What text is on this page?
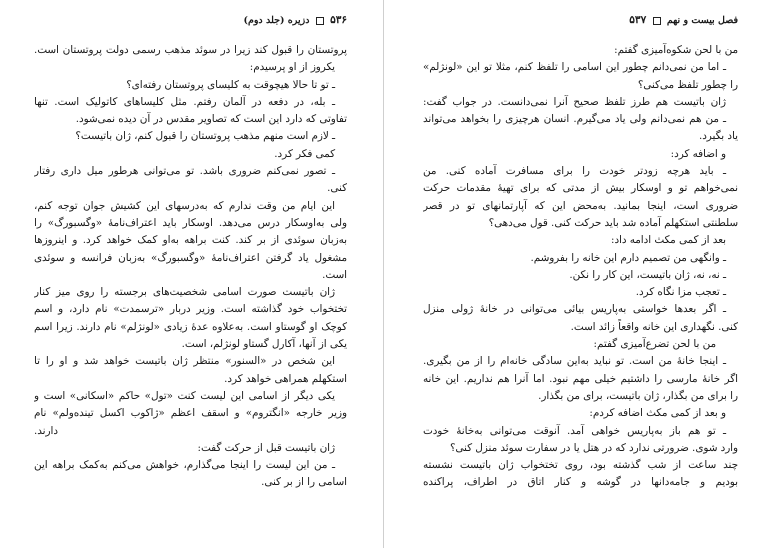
۵۳۶  دزیره (جلد دوم)
پروتستان را قبول کند زیرا در سوئد مذهب رسمی دولت پروتستان است.
یکروز از او پرسیدم:
ـ تو تا حالا هیچوقت به کلیسای پروتستان رفته‌ای؟
ـ بله، در دفعه در آلمان رفتم. مثل کلیساهای کاتولیک است. تنها
تفاوتی که دارد این است که تصاویر مقدس در آن دیده نمی‌شود.
ـ لازم است منهم مذهب پروتستان را قبول کنم، ژان باتیست؟
کمی فکر کرد.
ـ تصور نمی‌کنم ضروری باشد. تو می‌توانی هرطور میل داری رفتار
کنی.
این ایام من وقت ندارم که به‌درسهای این کشیش جوان توجه کنم،
ولی به‌اوسکار درس می‌دهد. اوسکار باید اعتراف‌نامهٔ «وگسبورگ» را
به‌زبان سوئدی از بر کند. کنت براهه به‌او کمک خواهد کرد. و اینروزها
مشغول یاد گرفتن اعتراف‌نامهٔ «وگسبورگ» به‌زبان فرانسه و سوئدی
است.
ژان باتیست صورت اسامی شخصیت‌های برجسته را روی میز کنار
تختخواب خود گذاشته است. وزیر دربار «ترسمدت» نام دارد، و اسم
کوچک او گوستاو است. به‌علاوه عدهٔ زیادی «لونژلم» نام دارند. زیرا اسم
یکی از آنها، آکارل گستاو لونژلم، است.
این شخص در «السنور» منتظر ژان باتیست خواهد شد و او را تا
استکهلم همراهی خواهد کرد.
یکی دیگر از اسامی این لیست کنت «تول» حاکم «اسکانی» است و
وزیر خارجه «انگتروم» و اسقف اعظم «ژاکوب اکسل تینده‌ولم» نام
دارند.
ژان باتیست قبل از حرکت گفت:
ـ من این لیست را اینجا می‌گذارم، خواهش می‌کنم به‌کمک براهه این
اسامی را از بر کنی.
فصل بیست و نهم  ۵۳۷
من با لحن شکوه‌آمیزی گفتم:
ـ اما من نمی‌دانم چطور این اسامی را تلفظ کنم، مثلا تو این «لونژلم»
را چطور تلفظ می‌کنی؟
ژان باتیست هم طرز تلفظ صحیح آنرا نمی‌دانست. در جواب گفت:
ـ من هم نمی‌دانم ولی یاد می‌گیرم. انسان هرچیزی را بخواهد می‌تواند
یاد بگیرد.
و اضافه کرد:
ـ باید هرچه زودتر خودت را برای مسافرت آماده کنی. من
نمی‌خواهم تو و اوسکار بیش از مدتی که برای تهیهٔ مقدمات حرکت
ضروری است، اینجا بمانید. به‌محض این که آپارتمانهای تو در قصر
سلطنتی استکهلم آماده شد باید حرکت کنی. قول می‌دهی؟
بعد از کمی مکث ادامه داد:
ـ وانگهی من تصمیم دارم این خانه را بفروشم.
ـ نه، نه، ژان باتیست، این کار را نکن.
ـ تعجب مزا نگاه کرد.
ـ اگر بعدها خواستی به‌پاریس بیائی می‌توانی در خانهٔ ژولی منزل
کنی. نگهداری این خانه واقعاً زائد است.
من با لحن تضرع‌آمیزی گفتم:
ـ اینجا خانهٔ من است. تو نباید به‌این سادگی خانه‌ام را از من بگیری.
اگر خانهٔ مارسی را داشتیم خیلی مهم نبود. اما آنرا هم نداریم. این خانه
را برای من بگذار، ژان باتیست، برای من بگذار.
و بعد از کمی مکث اضافه کردم:
ـ تو هم باز به‌پاریس خواهی آمد. آنوقت می‌توانی به‌خانهٔ خودت
وارد شوی. ضرورتی ندارد که در هتل یا در سفارت سوئد منزل کنی؟
چند ساعت از شب گذشته بود، روی تختخواب ژان باتیست نشسته
بودیم و جامه‌دانها در گوشه و کنار اتاق در اطراف، پراکنده
